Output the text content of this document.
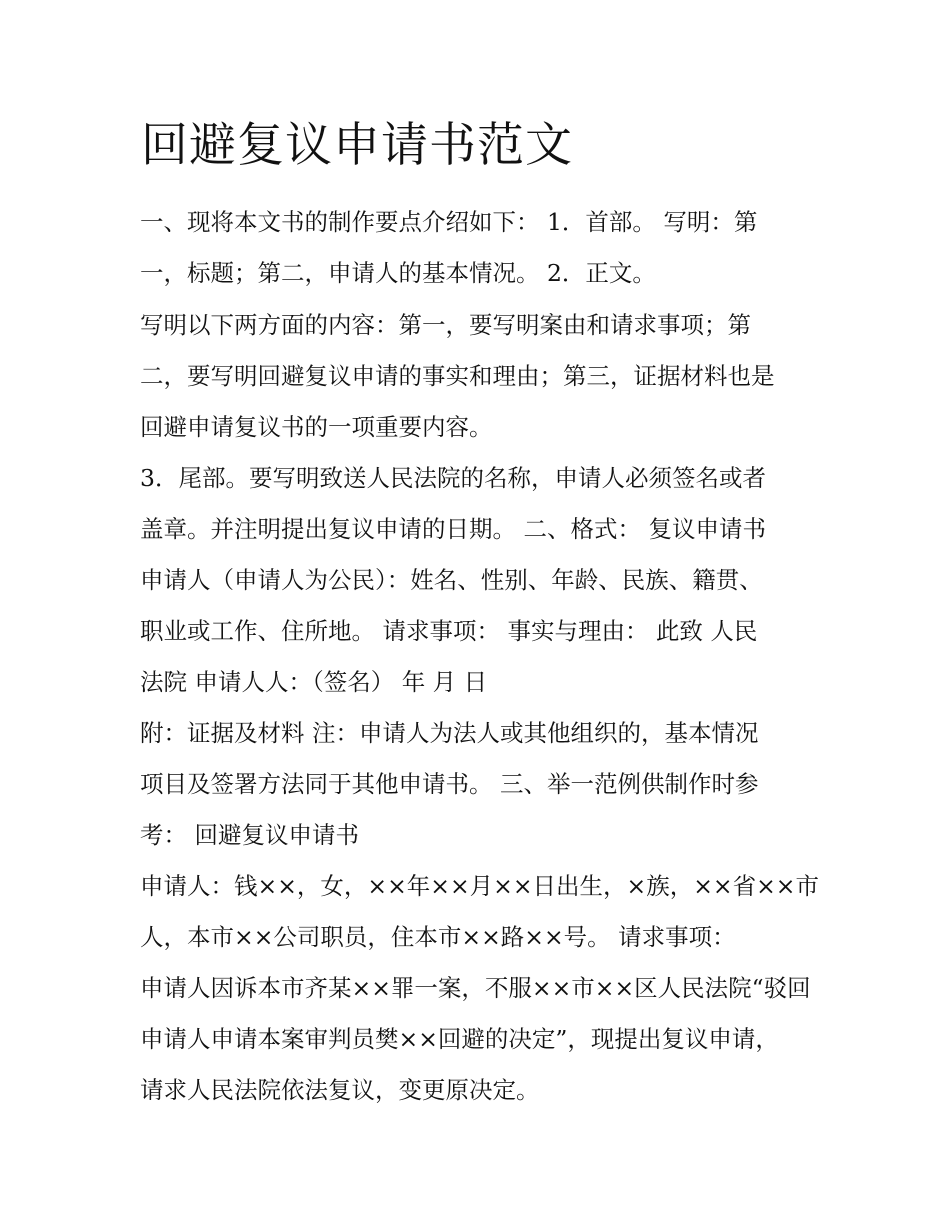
回避复议申请书范文

一、现将本文书的制作要点介绍如下： 1．首部。 写明：第

一，标题；第二，申请人的基本情况。 2．正文。

写明以下两方面的内容：第一，要写明案由和请求事项；第

二，要写明回避复议申请的事实和理由；第三，证据材料也是

回避申请复议书的一项重要内容。

3．尾部。要写明致送人民法院的名称，申请人必须签名或者

盖章。并注明提出复议申请的日期。 二、格式： 复议申请书

申请人（申请人为公民）：姓名、性别、年龄、民族、籍贯、

职业或工作、住所地。 请求事项： 事实与理由： 此致 人民

法院 申请人人：（签名） 年 月 日

附：证据及材料 注：申请人为法人或其他组织的，基本情况

项目及签署方法同于其他申请书。 三、举一范例供制作时参

考： 回避复议申请书

申请人：钱××，女，××年××月××日出生，×族，××省××市

人，本市××公司职员，住本市××路××号。 请求事项：

申请人因诉本市齐某××罪一案，不服××市××区人民法院“驳回

申请人申请本案审判员樊××回避的决定”，现提出复议申请，

请求人民法院依法复议，变更原决定。
